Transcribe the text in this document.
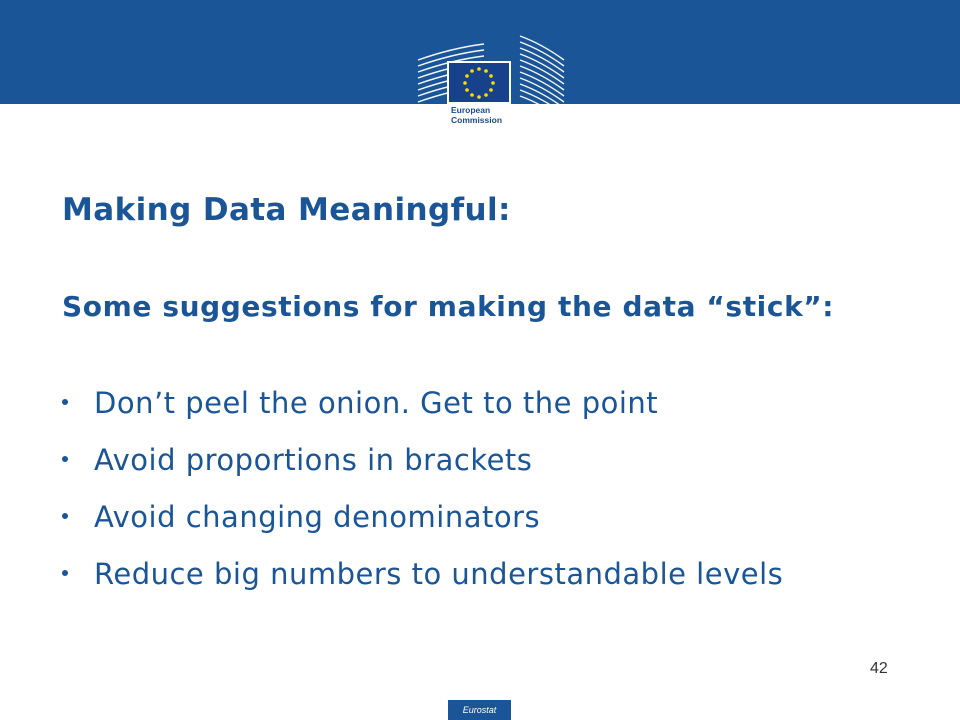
European
Commission
Making Data Meaningful:
Some suggestions for making the data “stick”:
Don’t peel the onion. Get to the point
Avoid proportions in brackets
Avoid changing denominators
Reduce big numbers to understandable levels
42
Eurostat
